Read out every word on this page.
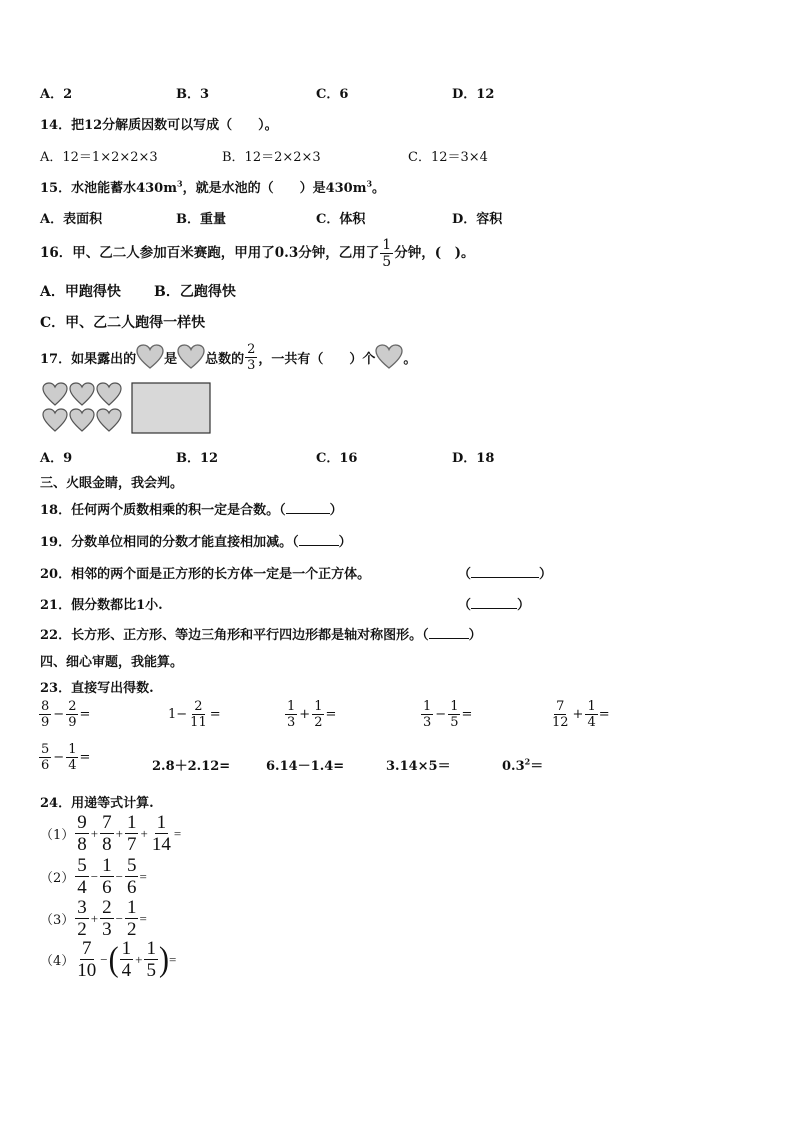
A．2	B．3	C．6	D．12
14．把12分解质因数可以写成（　　）。
A．12＝1×2×2×3	B．12＝2×2×3	C．12＝3×4
15．水池能蓄水$430m^3$，就是水池的（　　）是$430m^3$。
A．表面积	B．重量	C．体积	D．容积
16．甲、乙二人参加百米赛跑，甲用了0.3分钟，乙用了 $\frac{1}{5}$ 分钟，(　)。
A．甲跑得快 B．乙跑得快
C．甲、乙二人跑得一样快
17．如果露出的 是 总数的 $\frac{2}{3}$ ，一共有（　　）个 。
A．9	B．12	C．16	D．18
三、火眼金睛，我会判。
18．任何两个质数相乘的积一定是合数。（	）
19．分数单位相同的分数才能直接相加减。（	）
20．相邻的两个面是正方形的长方体一定是一个正方体。	（	）
21．假分数都比1小.	（	）
22．长方形、正方形、等边三角形和平行四边形都是轴对称图形。（	）
四、细心审题，我能算。
23．直接写出得数.
$\frac{8}{9} - \frac{2}{9}$ =	$1- \frac{2}{11}$ =	$\frac{1}{3} + \frac{1}{2}$ =	$\frac{1}{3} - \frac{1}{5}$ =	$\frac{7}{12} + \frac{1}{4}$ =
$\frac{5}{6} - \frac{1}{4}$ =
2.8＋2.12=	6.14－1.4=	3.14×5＝	$0.3^2=$
24．用递等式计算.
$(1) \frac{9}{8} + \frac{7}{8} + \frac{1}{7} + \frac{1}{14}$ =
$(2) \frac{5}{4} - \frac{1}{6} - \frac{5}{6}$ =
$(3) \frac{3}{2} + \frac{2}{3} - \frac{1}{2}$ =
$(4) \frac{7}{10}$ − ( $\frac{1}{4} + \frac{1}{5}$ ) =
